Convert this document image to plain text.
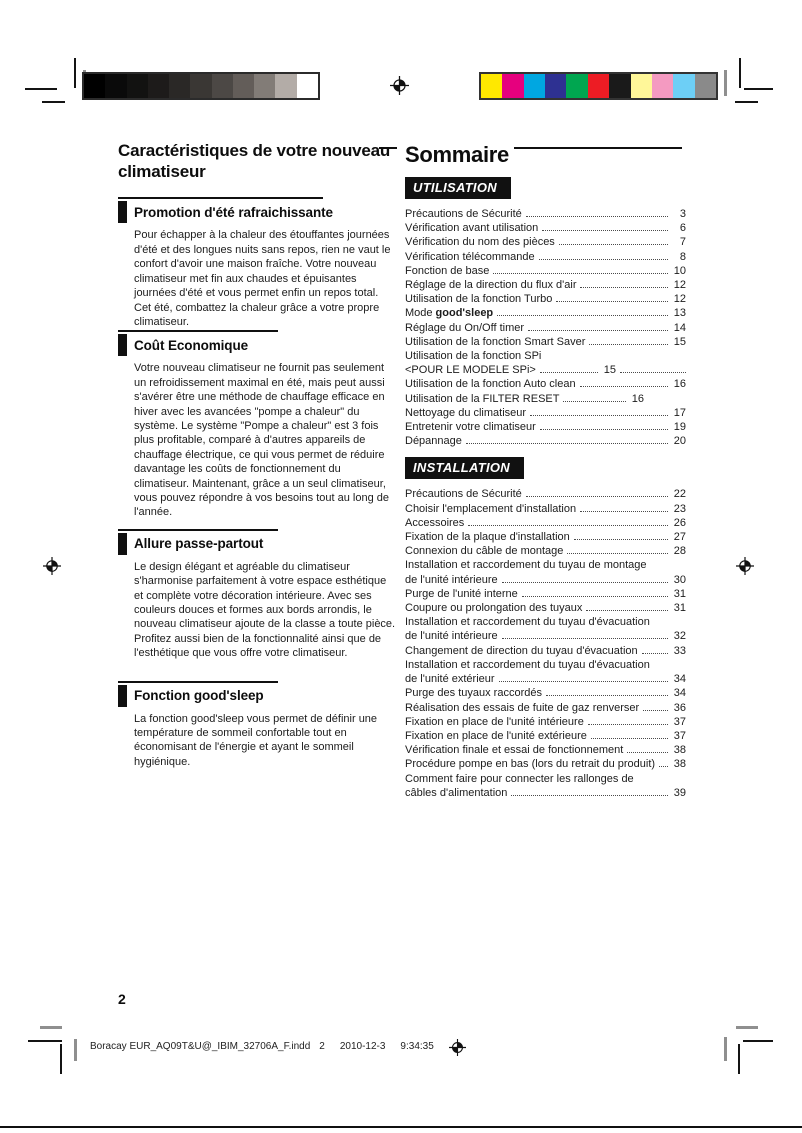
Caractéristiques de votre nouveau climatiseur
Promotion d'été rafraichissante
Pour échapper à la chaleur des étouffantes journées d'été et des longues nuits sans repos, rien ne vaut le confort d'avoir une maison fraîche. Votre nouveau climatiseur met fin aux chaudes et épuisantes journées d'été et vous permet enfin un repos total. Cet été, combattez la chaleur grâce a votre propre climatiseur.
Coût Economique
Votre nouveau climatiseur ne fournit pas seulement un refroidissement maximal en été, mais peut aussi s'avérer être une méthode de chauffage efficace en hiver avec les avancées "pompe a chaleur" du système. Le système "Pompe a chaleur" est 3 fois plus profitable, comparé à d'autres appareils de chauffage électrique, ce qui vous permet de réduire davantage les coûts de fonctionnement du climatiseur. Maintenant, grâce a un seul climatiseur, vous pouvez répondre à vos besoins tout au long de l'année.
Allure passe-partout
Le design élégant et agréable du climatiseur s'harmonise parfaitement à votre espace esthétique et complète votre décoration intérieure. Avec ses couleurs douces et formes aux bords arrondis, le nouveau climatiseur ajoute de la classe a toute pièce. Profitez aussi bien de la fonctionnalité ainsi que de l'esthétique que vous offre votre climatiseur.
Fonction good'sleep
La fonction good'sleep vous permet de définir une température de sommeil confortable tout en économisant de l'énergie et ayant le sommeil hygiénique.
Sommaire
UTILISATION
Précautions de Sécurité	3
Vérification avant utilisation	6
Vérification du nom des pièces	7
Vérification télécommande	8
Fonction de base	10
Réglage de la direction du flux d'air	12
Utilisation de la fonction Turbo	12
Mode good'sleep	13
Réglage du On/Off timer	14
Utilisation de la fonction Smart Saver	15
Utilisation de la fonction SPi
<POUR LE MODELE SPi>	15
Utilisation de la fonction Auto clean	16
Utilisation de la FILTER RESET	16
Nettoyage du climatiseur	17
Entretenir votre climatiseur	19
Dépannage	20
INSTALLATION
Précautions de Sécurité	22
Choisir l'emplacement d'installation	23
Accessoires	26
Fixation de la plaque d'installation	27
Connexion du câble de montage	28
Installation et raccordement du tuyau de montage
de l'unité intérieure	30
Purge de l'unité interne	31
Coupure ou prolongation des tuyaux	31
Installation et raccordement du tuyau d'évacuation
de l'unité intérieure	32
Changement de direction du tuyau d'évacuation	33
Installation et raccordement du tuyau d'évacuation
de l'unité extérieur	34
Purge des tuyaux raccordés	34
Réalisation des essais de fuite de gaz renverser	36
Fixation en place de l'unité intérieure	37
Fixation en place de l'unité extérieure	37
Vérification finale et essai de fonctionnement	38
Procédure pompe en bas (lors du retrait du produit) 38
Comment faire pour connecter les rallonges de
câbles d'alimentation	39
2
Boracay EUR_AQ09T&U@_IBIM_32706A_F.indd 2 2010-12-3 9:34:35
